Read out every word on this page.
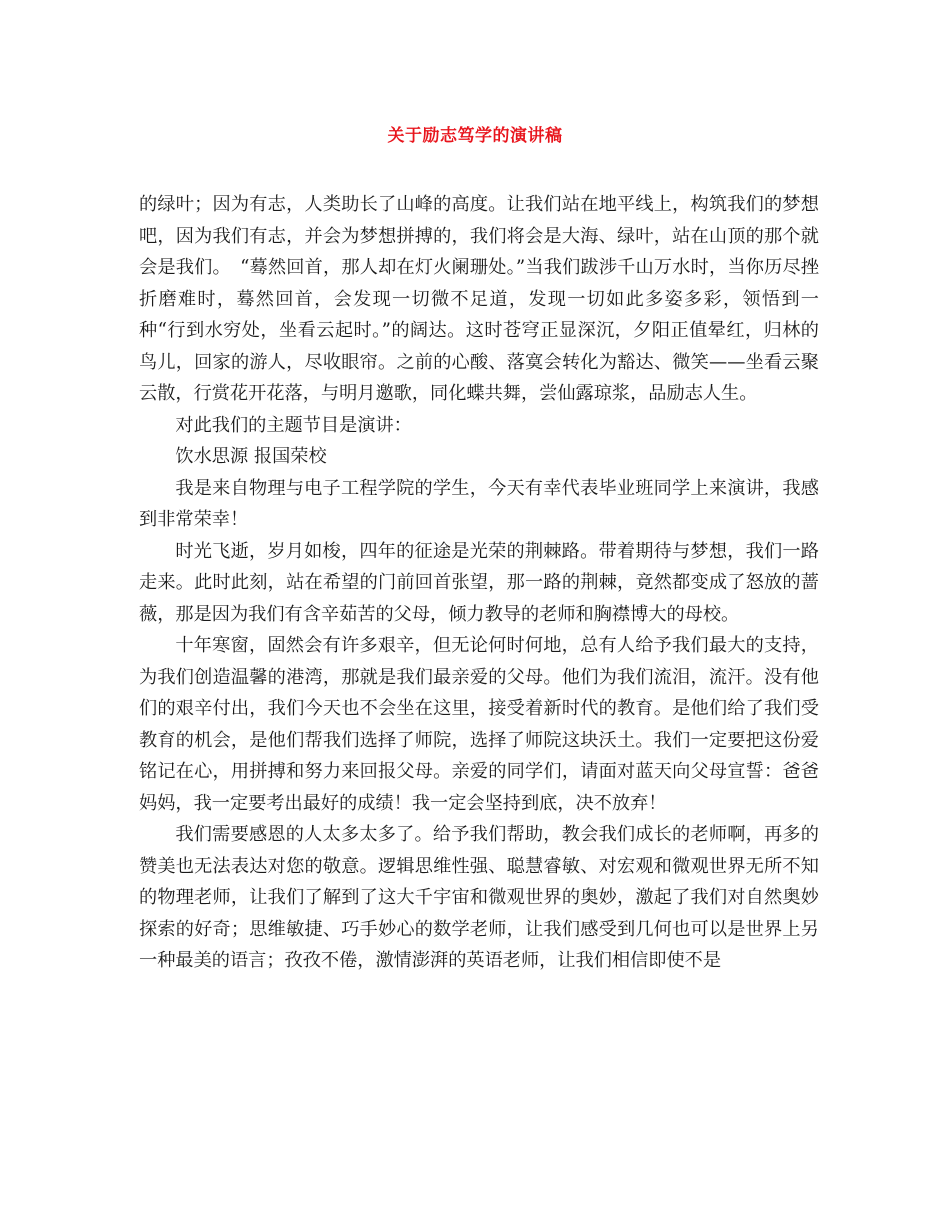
关于励志笃学的演讲稿

的绿叶；因为有志，人类助长了山峰的高度。让我们站在地平线上，构筑我们的梦想吧，因为我们有志，并会为梦想拼搏的，我们将会是大海、绿叶，站在山顶的那个就会是我们。　“蓦然回首，那人却在灯火阑珊处。”当我们跋涉千山万水时，当你历尽挫折磨难时，蓦然回首，会发现一切微不足道，发现一切如此多姿多彩，领悟到一种“行到水穷处，坐看云起时。”的阔达。这时苍穹正显深沉，夕阳正值晕红，归林的鸟儿，回家的游人，尽收眼帘。之前的心酸、落寞会转化为豁达、微笑——坐看云聚云散，行赏花开花落，与明月邀歌，同化蝶共舞，尝仙露琼浆，品励志人生。

对此我们的主题节目是演讲：

饮水思源 报国荣校

我是来自物理与电子工程学院的学生，今天有幸代表毕业班同学上来演讲，我感到非常荣幸！

时光飞逝，岁月如梭，四年的征途是光荣的荆棘路。带着期待与梦想，我们一路走来。此时此刻，站在希望的门前回首张望，那一路的荆棘，竟然都变成了怒放的蔷薇，那是因为我们有含辛茹苦的父母，倾力教导的老师和胸襟博大的母校。

十年寒窗，固然会有许多艰辛，但无论何时何地，总有人给予我们最大的支持，为我们创造温馨的港湾，那就是我们最亲爱的父母。他们为我们流泪，流汗。没有他们的艰辛付出，我们今天也不会坐在这里，接受着新时代的教育。是他们给了我们受教育的机会，是他们帮我们选择了师院，选择了师院这块沃土。我们一定要把这份爱铭记在心，用拼搏和努力来回报父母。亲爱的同学们，请面对蓝天向父母宣誓：爸爸妈妈，我一定要考出最好的成绩！我一定会坚持到底，决不放弃！

我们需要感恩的人太多太多了。给予我们帮助，教会我们成长的老师啊，再多的赞美也无法表达对您的敬意。逻辑思维性强、聪慧睿敏、对宏观和微观世界无所不知的物理老师，让我们了解到了这大千宇宙和微观世界的奥妙，激起了我们对自然奥妙探索的好奇；思维敏捷、巧手妙心的数学老师，让我们感受到几何也可以是世界上另一种最美的语言；孜孜不倦，激情澎湃的英语老师，让我们相信即使不是
